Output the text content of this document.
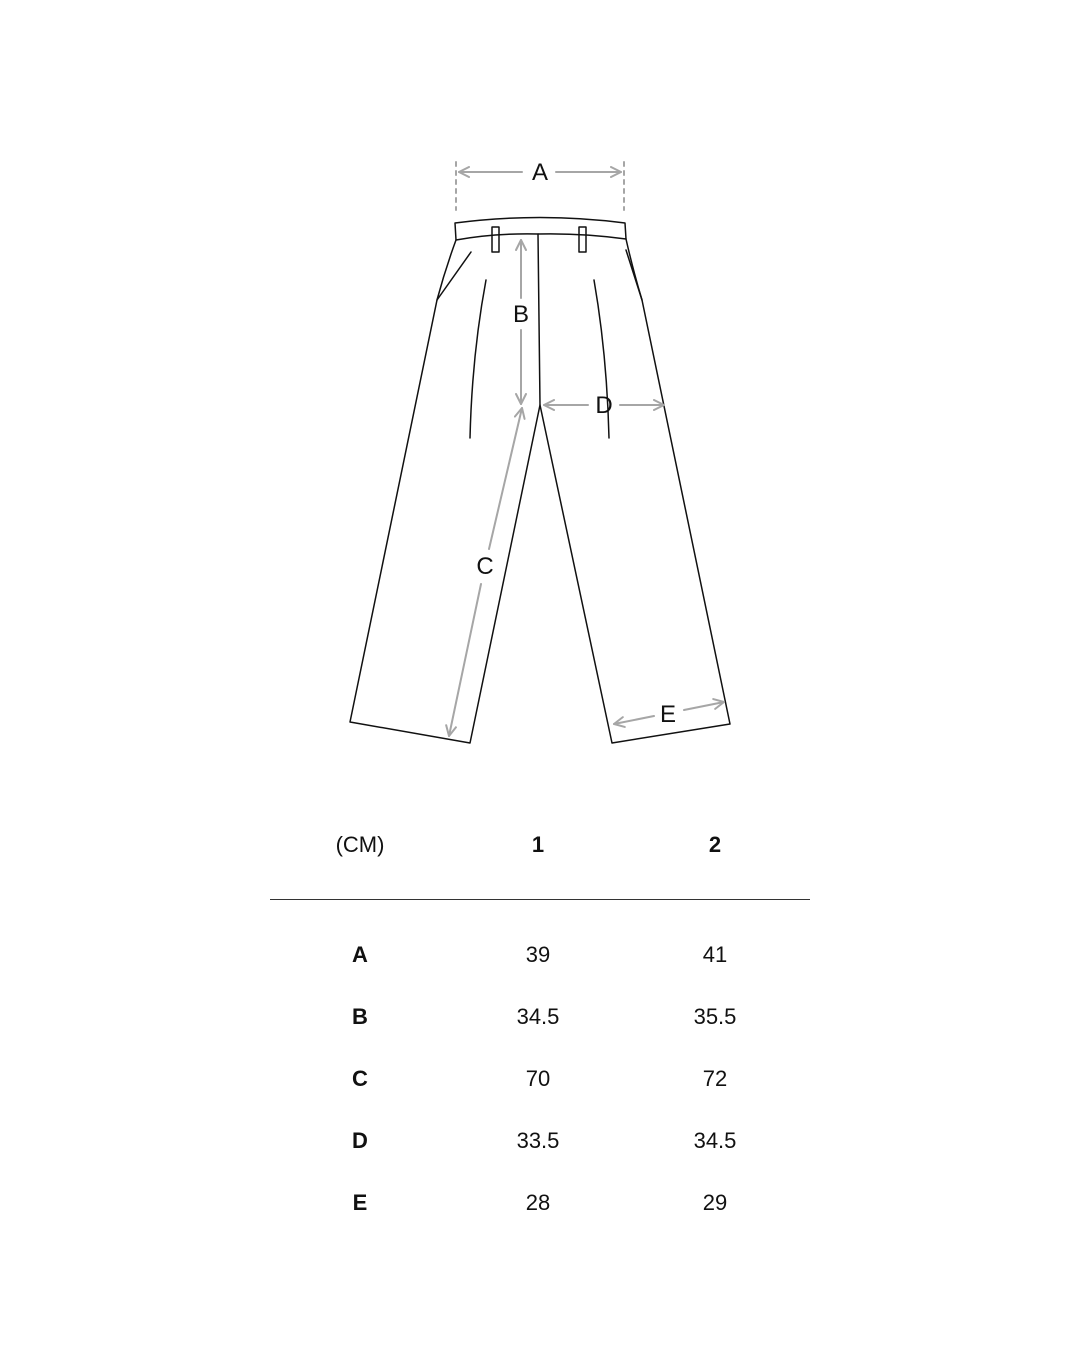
A
B
C
D
E
(CM)	1	2
A	39	41
B	34.5	35.5
C	70	72
D	33.5	34.5
E	28	29
